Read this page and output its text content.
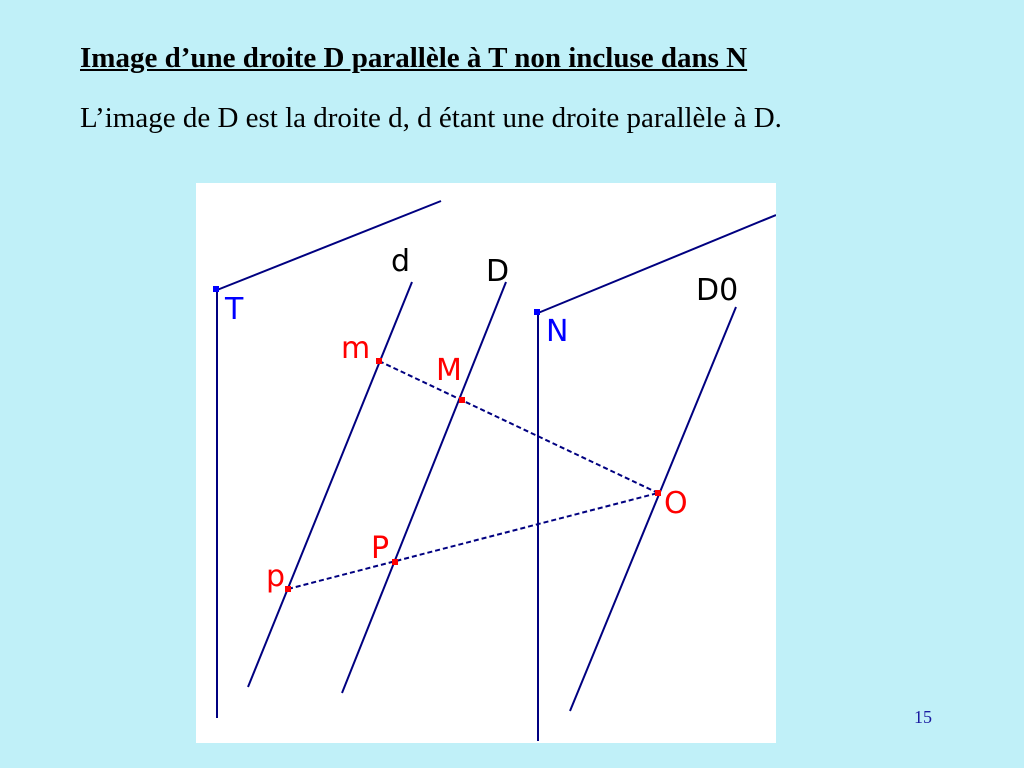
Image d’une droite D parallèle à T non incluse dans N
L’image de D est la droite d, d étant une droite parallèle à D.
T
N
d	D
D0
m
M
O
P
p
15
